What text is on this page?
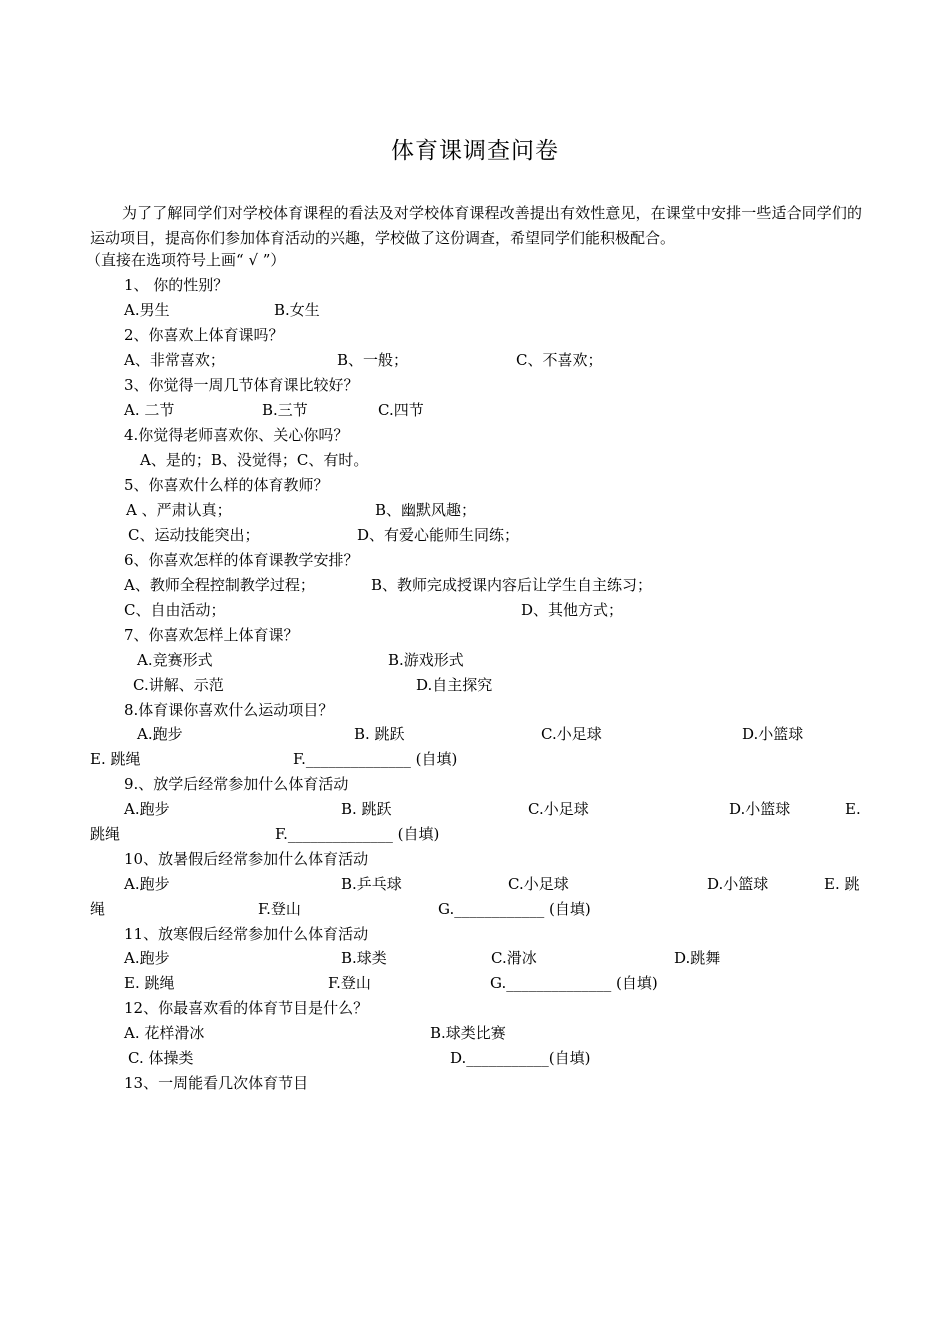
体育课调查问卷
为了了解同学们对学校体育课程的看法及对学校体育课程改善提出有效性意见，在课堂中安排一些适合同学们的运动项目，提高你们参加体育活动的兴趣，学校做了这份调查，希望同学们能积极配合。
（直接在选项符号上画“ √ ”）
1、 你的性别？
A.男生	B.女生
2、你喜欢上体育课吗？
A、非常喜欢；	B、一般；	C、不喜欢；
3、你觉得一周几节体育课比较好？
A. 二节	B.三节	C.四节
4.你觉得老师喜欢你、关心你吗？
A、是的；B、没觉得；C、有时。
5、你喜欢什么样的体育教师？
A 、严肃认真；	B、幽默风趣；
C、运动技能突出；	D、有爱心能师生同练；
6、你喜欢怎样的体育课教学安排？
A、教师全程控制教学过程；	B、教师完成授课内容后让学生自主练习；
C、自由活动；	D、其他方式；
7、你喜欢怎样上体育课？
A.竞赛形式	B.游戏形式
C.讲解、示范	D.自主探究
8.体育课你喜欢什么运动项目？
A.跑步	B. 跳跃	C.小足球	D.小篮球
E. 跳绳	F.______________ (自填)
9.、放学后经常参加什么体育活动
A.跑步	B. 跳跃	C.小足球	D.小篮球	E.
跳绳	F.______________ (自填)
10、放暑假后经常参加什么体育活动
A.跑步	B.乒乓球	C.小足球	D.小篮球	E. 跳
绳	F.登山	G.____________ (自填)
11、放寒假后经常参加什么体育活动
A.跑步	B.球类	C.滑冰	D.跳舞
E. 跳绳	F.登山	G.______________ (自填)
12、你最喜欢看的体育节目是什么？
A. 花样滑冰	B.球类比赛
C. 体操类	D.___________(自填)
13、一周能看几次体育节目
